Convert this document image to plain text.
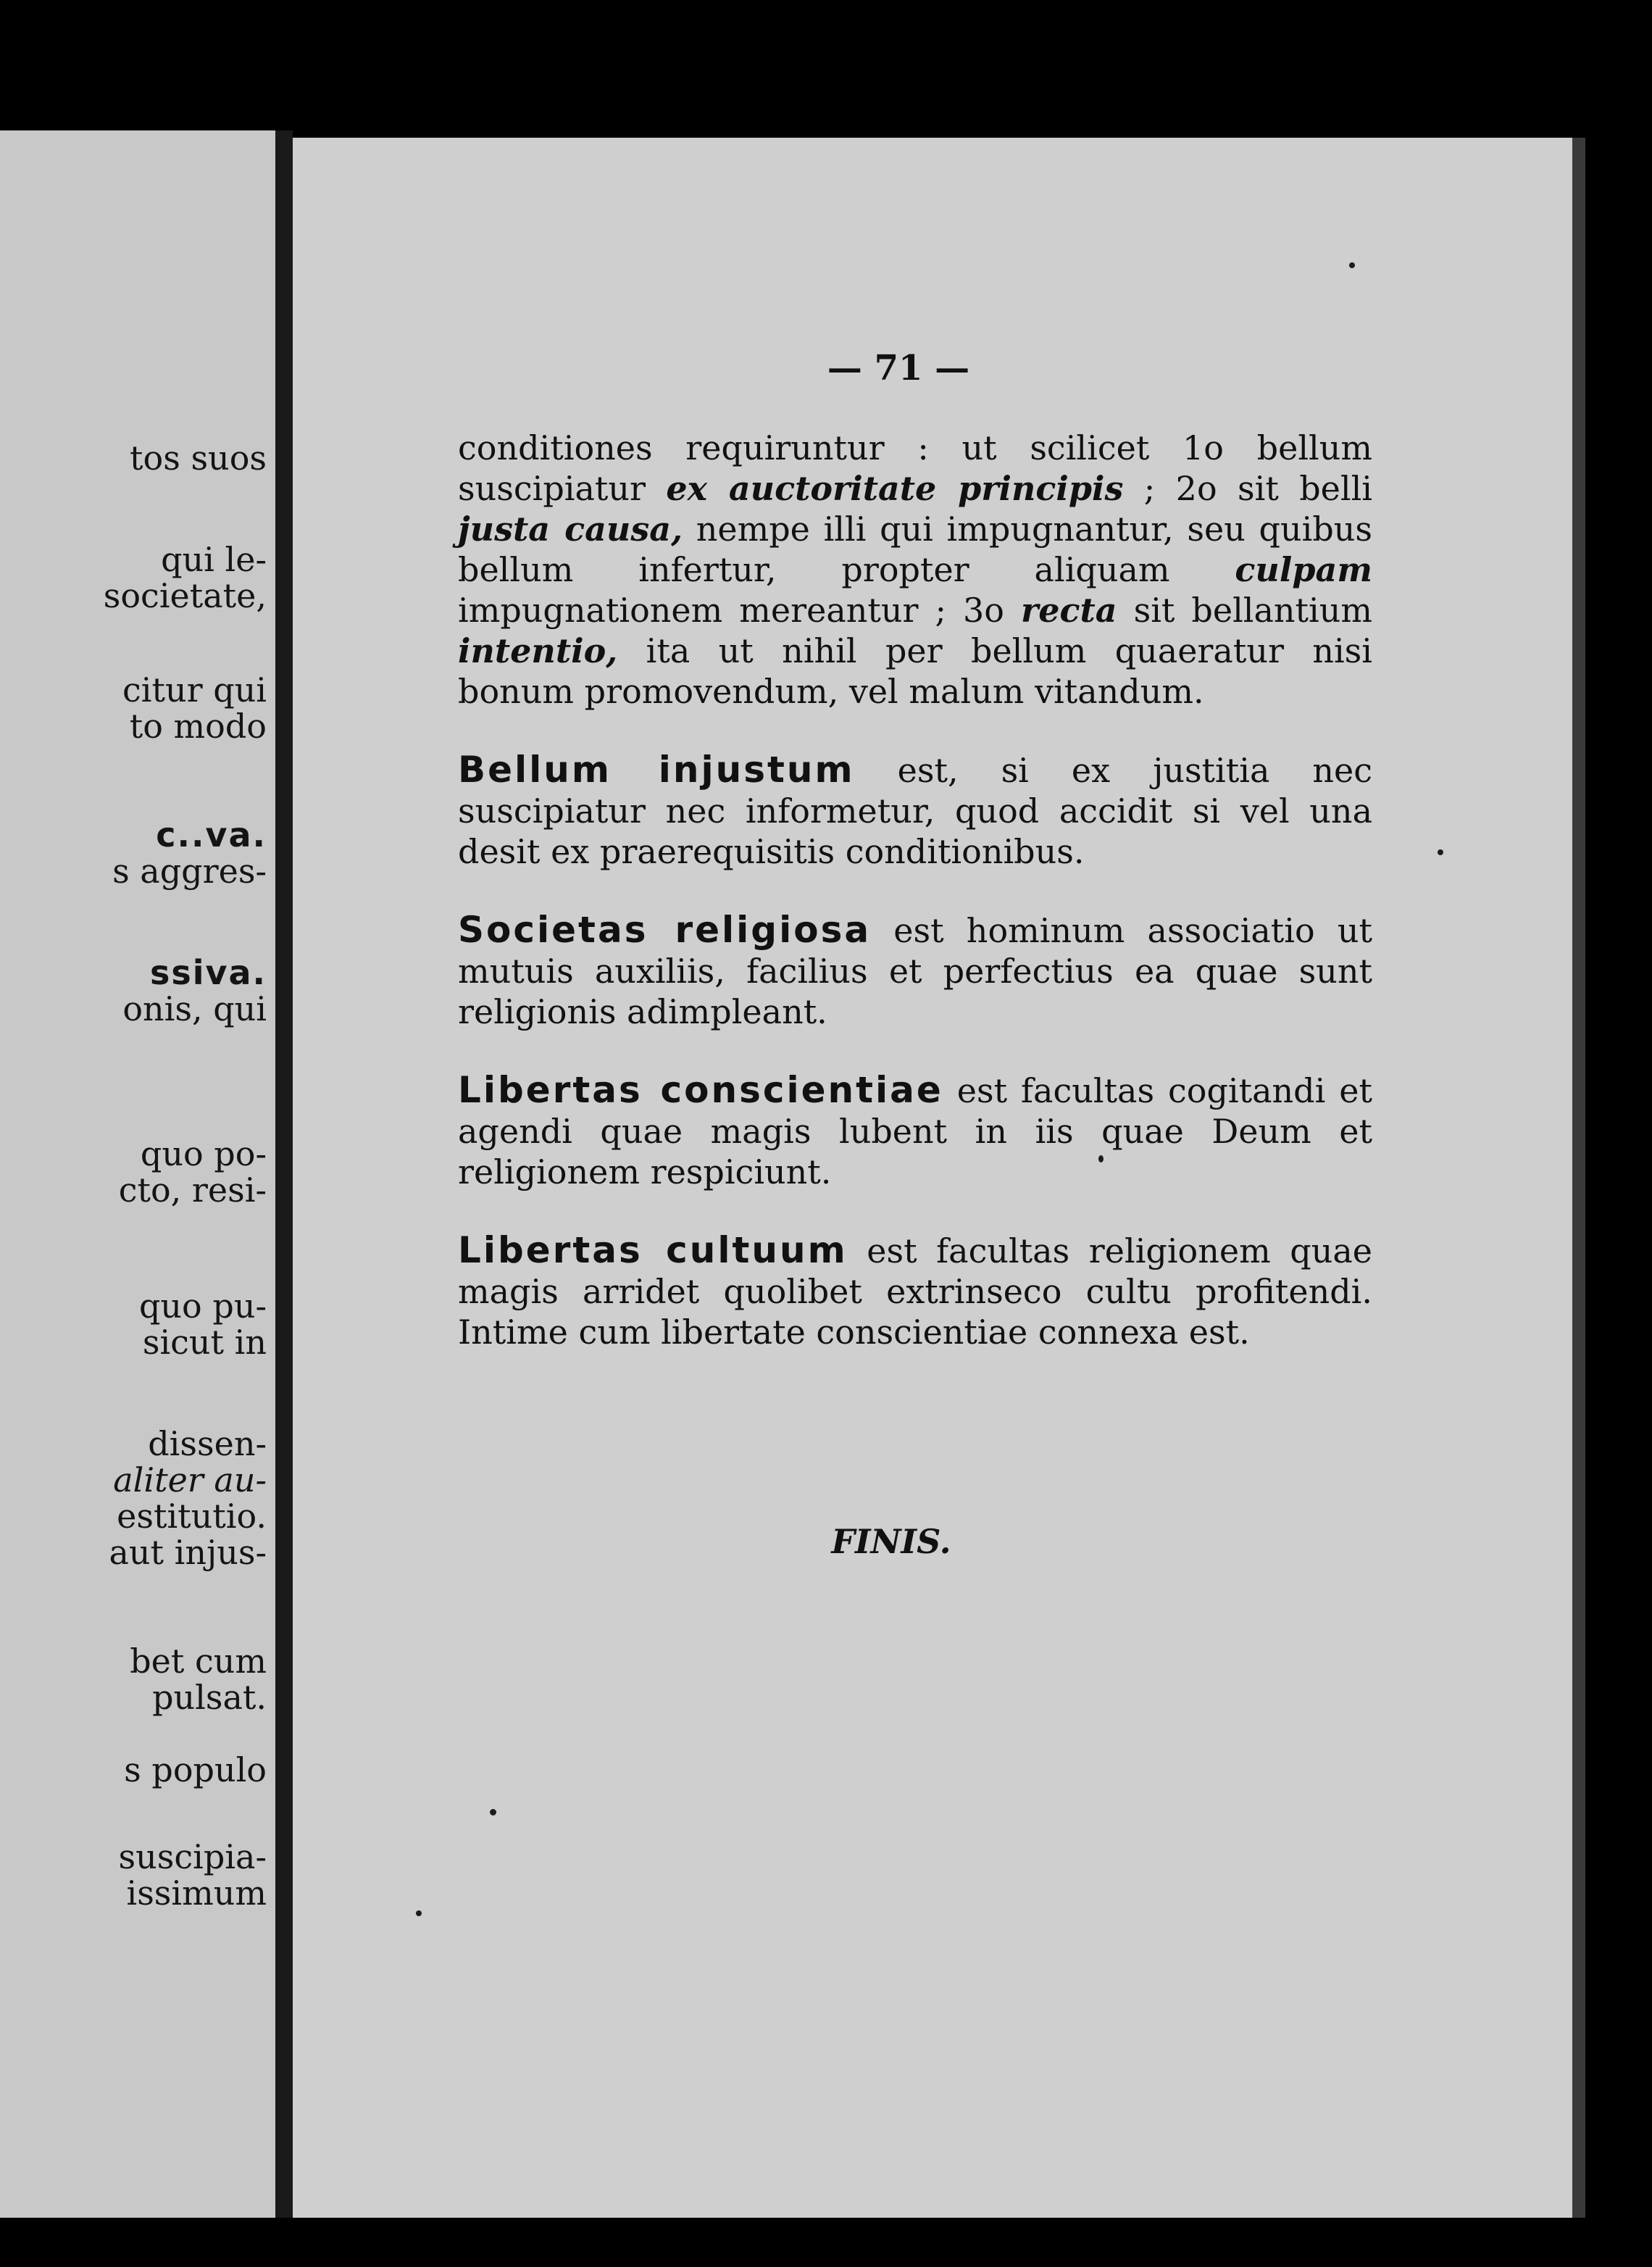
tos suos
qui le-
societate,
citur qui
to modo
c..va.
s aggres-
ssiva.
onis, qui
quo po-
cto, resi-
quo pu-
sicut in
dissen-
aliter au-
estitutio.
aut injus-
bet cum
pulsat.
s populo
suscipia-
issimum
— 71 —

conditiones requiruntur : ut scilicet 1o bellum suscipiatur ex auctoritate principis ; 2o sit belli justa causa, nempe illi qui impugnantur, seu quibus bellum infertur, propter aliquam culpam impugnationem mereantur ; 3o recta sit bellantium intentio, ita ut nihil per bellum quaeratur nisi bonum promovendum, vel malum vitandum.

Bellum injustum est, si ex justitia nec suscipiatur nec informetur, quod accidit si vel una desit ex praerequisitis conditionibus.

Societas religiosa est hominum associatio ut mutuis auxiliis, facilius et perfectius ea quae sunt religionis adimpleant.

Libertas conscientiae est facultas cogitandi et agendi quae magis lubent in iis quae Deum et religionem respiciunt.

Libertas cultuum est facultas religionem quae magis arridet quolibet extrinseco cultu profitendi. Intime cum libertate conscientiae connexa est.

FINIS.
